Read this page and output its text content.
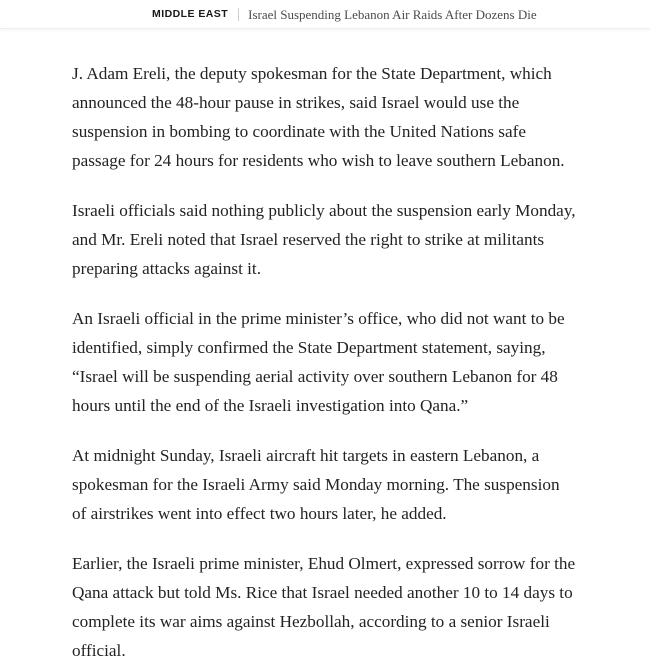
MIDDLE EAST Israel Suspending Lebanon Air Raids After Dozens Die

J. Adam Ereli, the deputy spokesman for the State Department, which announced the 48-hour pause in strikes, said Israel would use the suspension in bombing to coordinate with the United Nations safe passage for 24 hours for residents who wish to leave southern Lebanon.

Israeli officials said nothing publicly about the suspension early Monday, and Mr. Ereli noted that Israel reserved the right to strike at militants preparing attacks against it.

An Israeli official in the prime minister’s office, who did not want to be identified, simply confirmed the State Department statement, saying, “Israel will be suspending aerial activity over southern Lebanon for 48 hours until the end of the Israeli investigation into Qana.”

At midnight Sunday, Israeli aircraft hit targets in eastern Lebanon, a spokesman for the Israeli Army said Monday morning. The suspension of airstrikes went into effect two hours later, he added.

Earlier, the Israeli prime minister, Ehud Olmert, expressed sorrow for the Qana attack but told Ms. Rice that Israel needed another 10 to 14 days to complete its war aims against Hezbollah, according to a senior Israeli official.
